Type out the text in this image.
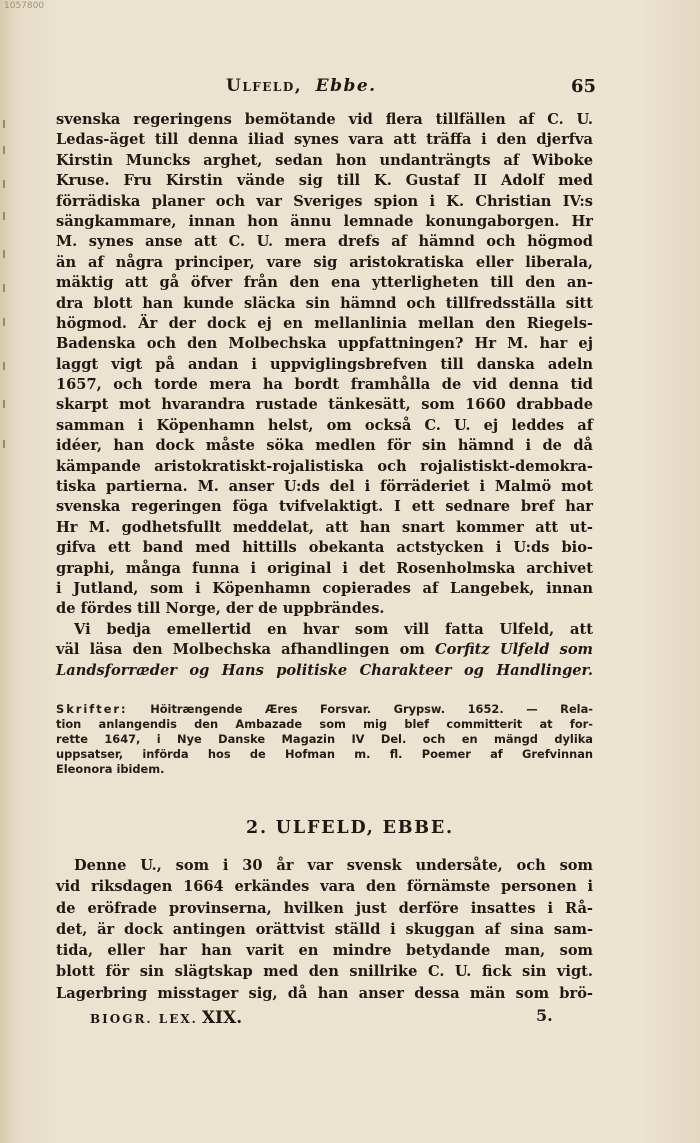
1057800
Ulfeld, Ebbe.	65
svenska regeringens bemötande vid flera tillfällen af C. U.
Ledas-äget till denna iliad synes vara att träffa i den djerfva
Kirstin Muncks arghet, sedan hon undanträngts af Wiboke
Kruse. Fru Kirstin vände sig till K. Gustaf II Adolf med
förrädiska planer och var Sveriges spion i K. Christian IV:s
sängkammare, innan hon ännu lemnade konungaborgen. Hr
M. synes anse att C. U. mera drefs af hämnd och högmod
än af några principer, vare sig aristokratiska eller liberala,
mäktig att gå öfver från den ena ytterligheten till den an-
dra blott han kunde släcka sin hämnd och tillfredsställa sitt
högmod. Är der dock ej en mellanlinia mellan den Riegels-
Badenska och den Molbechska uppfattningen? Hr M. har ej
laggt vigt på andan i uppviglingsbrefven till danska adeln
1657, och torde mera ha bordt framhålla de vid denna tid
skarpt mot hvarandra rustade tänkesätt, som 1660 drabbade
samman i Köpenhamn helst, om också C. U. ej leddes af
idéer, han dock måste söka medlen för sin hämnd i de då
kämpande aristokratiskt-rojalistiska och rojalistiskt-demokra-
tiska partierna. M. anser U:ds del i förräderiet i Malmö mot
svenska regeringen föga tvifvelaktigt. I ett sednare bref har
Hr M. godhetsfullt meddelat, att han snart kommer att ut-
gifva ett band med hittills obekanta actstycken i U:ds bio-
graphi, många funna i original i det Rosenholmska archivet
i Jutland, som i Köpenhamn copierades af Langebek, innan
de fördes till Norge, der de uppbrändes.
Vi bedja emellertid en hvar som vill fatta Ulfeld, att
väl läsa den Molbechska afhandlingen om Corfitz Ulfeld som
Landsforræder og Hans politiske Charakteer og Handlinger.
Skrifter: Höitrængende Æres Forsvar. Grypsw. 1652. — Rela-
tion anlangendis den Ambazade som mig blef committerit at for-
rette 1647, i Nye Danske Magazin IV Del. och en mängd dylika
uppsatser, införda hos de Hofman m. fl. Poemer af Grefvinnan
Eleonora ibidem.
2. ULFELD, EBBE.
Denne U., som i 30 år var svensk undersåte, och som
vid riksdagen 1664 erkändes vara den förnämste personen i
de eröfrade provinserna, hvilken just derföre insattes i Rå-
det, är dock antingen orättvist ställd i skuggan af sina sam-
tida, eller har han varit en mindre betydande man, som
blott för sin slägtskap med den snillrike C. U. fick sin vigt.
Lagerbring misstager sig, då han anser dessa män som brö-
BIOGR. LEX. XIX.	5.
